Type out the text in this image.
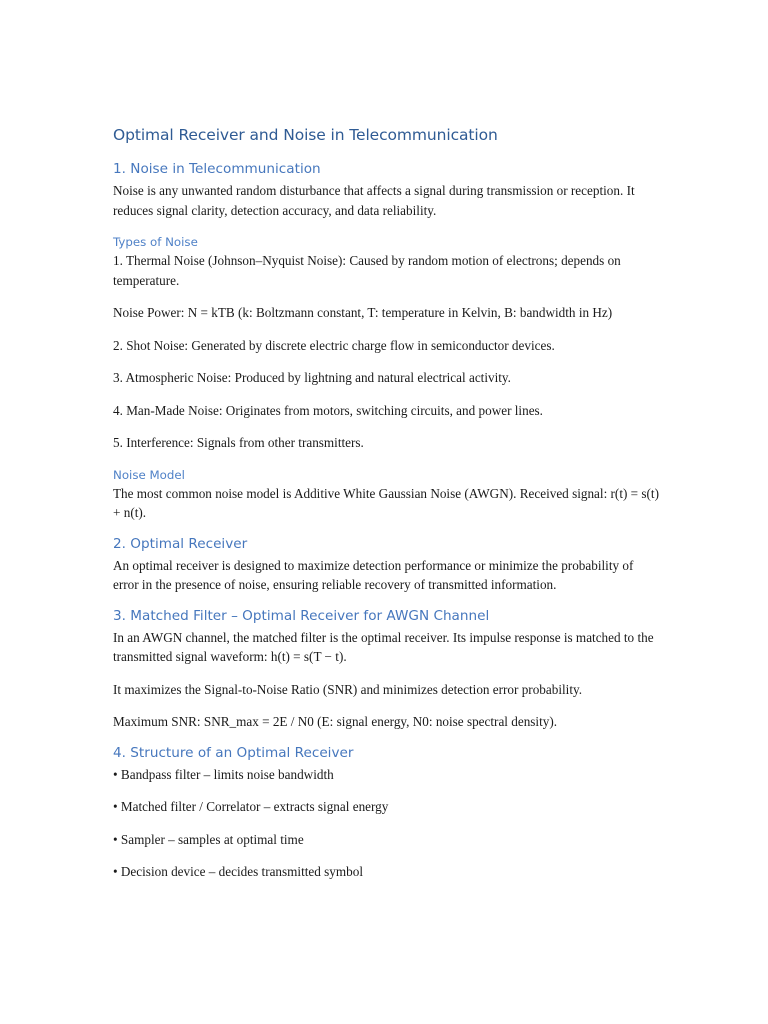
Optimal Receiver and Noise in Telecommunication
1. Noise in Telecommunication

Noise is any unwanted random disturbance that affects a signal during transmission or reception. It reduces signal clarity, detection accuracy, and data reliability.

Types of Noise

1. Thermal Noise (Johnson–Nyquist Noise): Caused by random motion of electrons; depends on temperature.

Noise Power: N = kTB (k: Boltzmann constant, T: temperature in Kelvin, B: bandwidth in Hz)

2. Shot Noise: Generated by discrete electric charge flow in semiconductor devices.

3. Atmospheric Noise: Produced by lightning and natural electrical activity.

4. Man-Made Noise: Originates from motors, switching circuits, and power lines.

5. Interference: Signals from other transmitters.

Noise Model

The most common noise model is Additive White Gaussian Noise (AWGN). Received signal: r(t) = s(t) + n(t).

2. Optimal Receiver

An optimal receiver is designed to maximize detection performance or minimize the probability of error in the presence of noise, ensuring reliable recovery of transmitted information.

3. Matched Filter – Optimal Receiver for AWGN Channel

In an AWGN channel, the matched filter is the optimal receiver. Its impulse response is matched to the transmitted signal waveform: h(t) = s(T − t).

It maximizes the Signal-to-Noise Ratio (SNR) and minimizes detection error probability.

Maximum SNR: SNR_max = 2E / N0 (E: signal energy, N0: noise spectral density).

4. Structure of an Optimal Receiver
• Bandpass filter – limits noise bandwidth
• Matched filter / Correlator – extracts signal energy
• Sampler – samples at optimal time
• Decision device – decides transmitted symbol
